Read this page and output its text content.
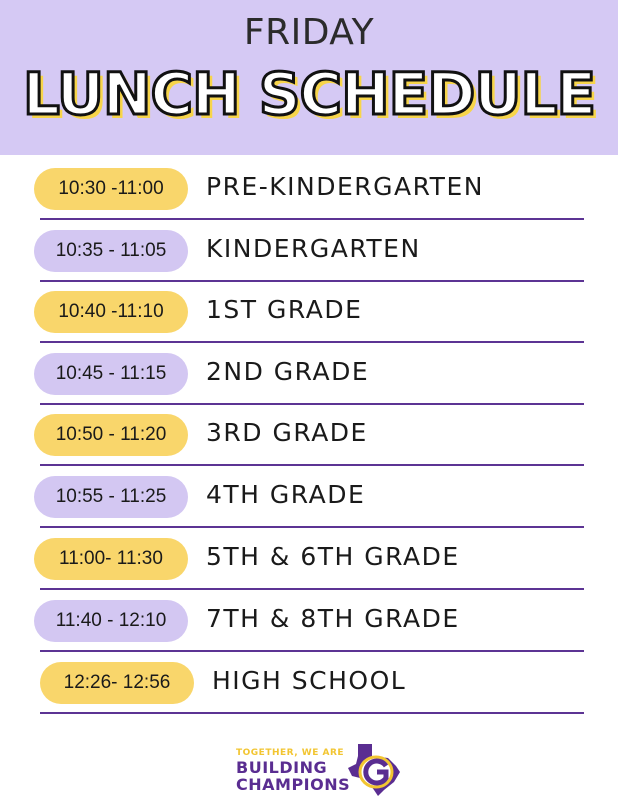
FRIDAY
LUNCH SCHEDULE
10:30 -11:00	PRE-KINDERGARTEN
10:35 - 11:05	KINDERGARTEN
10:40 -11:10	1ST GRADE
10:45 - 11:15	2ND GRADE
10:50 - 11:20	3RD GRADE
10:55 - 11:25	4TH GRADE
11:00- 11:30	5TH & 6TH GRADE
11:40 - 12:10	7TH & 8TH GRADE
12:26- 12:56	HIGH SCHOOL
TOGETHER, WE ARE
BUILDING
CHAMPIONS
